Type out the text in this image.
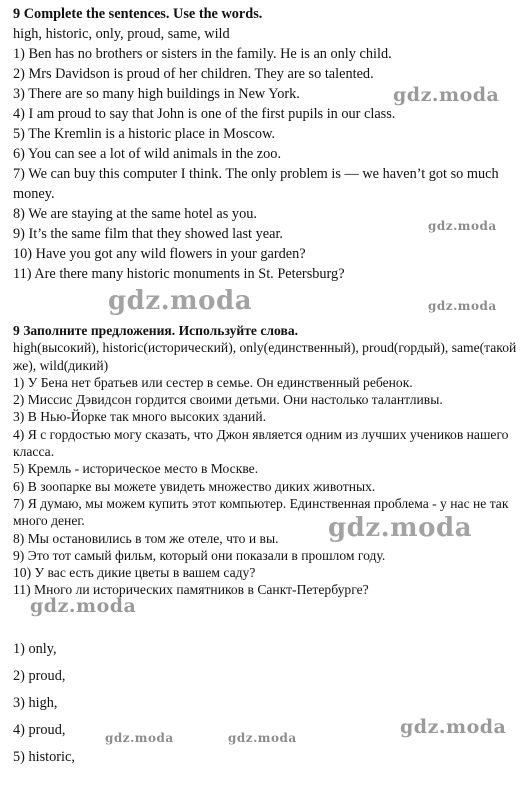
9 Complete the sentences. Use the words.
high, historic, only, proud, same, wild
1) Ben has no brothers or sisters in the family. He is an only child.
2) Mrs Davidson is proud of her children. They are so talented.
3) There are so many high buildings in New York.
4) I am proud to say that John is one of the first pupils in our class.
5) The Kremlin is a historic place in Moscow.
6) You can see a lot of wild animals in the zoo.
7) We can buy this computer I think. The only problem is — we haven’t got so much money.
8) We are staying at the same hotel as you.
9) It’s the same film that they showed last year.
10) Have you got any wild flowers in your garden?
11) Are there many historic monuments in St. Petersburg?
9 Заполните предложения. Используйте слова.
high(высокий), historic(исторический), only(единственный), proud(гордый), same(такой же), wild(дикий)
1) У Бена нет братьев или сестер в семье. Он единственный ребенок.
2) Миссис Дэвидсон гордится своими детьми. Они настолько талантливы.
3) В Нью-Йорке так много высоких зданий.
4) Я с гордостью могу сказать, что Джон является одним из лучших учеников нашего класса.
5) Кремль - историческое место в Москве.
6) В зоопарке вы можете увидеть множество диких животных.
7) Я думаю, мы можем купить этот компьютер. Единственная проблема - у нас не так много денег.
8) Мы остановились в том же отеле, что и вы.
9) Это тот самый фильм, который они показали в прошлом году.
10) У вас есть дикие цветы в вашем саду?
11) Много ли исторических памятников в Санкт-Петербурге?
1) only,
2) proud,
3) high,
4) proud,
5) historic,
gdz.moda
gdz.moda
gdz.moda	gdz.moda
gdz.moda
gdz.moda
gdz.moda
gdz.moda	gdz.moda
